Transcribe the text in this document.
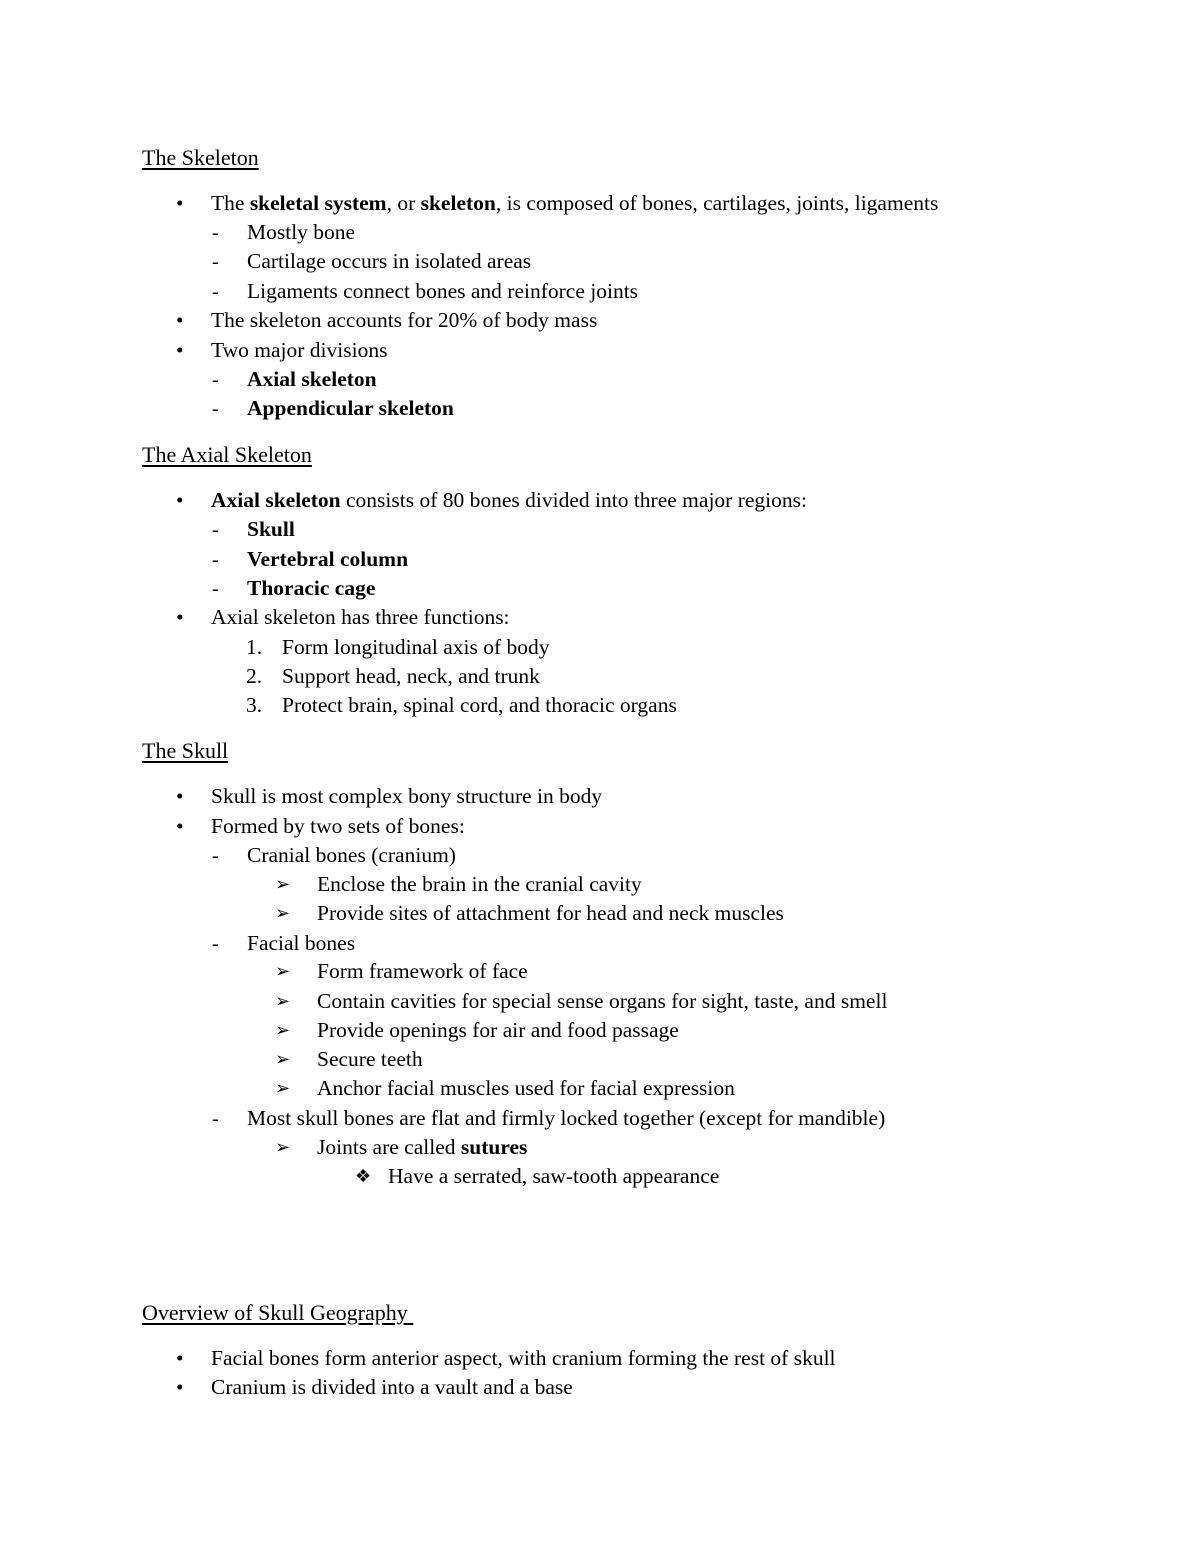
The Skeleton
• The skeletal system, or skeleton, is composed of bones, cartilages, joints, ligaments
- Mostly bone
- Cartilage occurs in isolated areas
- Ligaments connect bones and reinforce joints
• The skeleton accounts for 20% of body mass
• Two major divisions
- Axial skeleton
- Appendicular skeleton
The Axial Skeleton
• Axial skeleton consists of 80 bones divided into three major regions:
- Skull
- Vertebral column
- Thoracic cage
• Axial skeleton has three functions:
1. Form longitudinal axis of body
2. Support head, neck, and trunk
3. Protect brain, spinal cord, and thoracic organs
The Skull
• Skull is most complex bony structure in body
• Formed by two sets of bones:
- Cranial bones (cranium)
➢ Enclose the brain in the cranial cavity
➢ Provide sites of attachment for head and neck muscles
- Facial bones
➢ Form framework of face
➢ Contain cavities for special sense organs for sight, taste, and smell
➢ Provide openings for air and food passage
➢ Secure teeth
➢ Anchor facial muscles used for facial expression
- Most skull bones are flat and firmly locked together (except for mandible)
➢ Joints are called sutures
❖ Have a serrated, saw-tooth appearance
Overview of Skull Geography
• Facial bones form anterior aspect, with cranium forming the rest of skull
• Cranium is divided into a vault and a base
